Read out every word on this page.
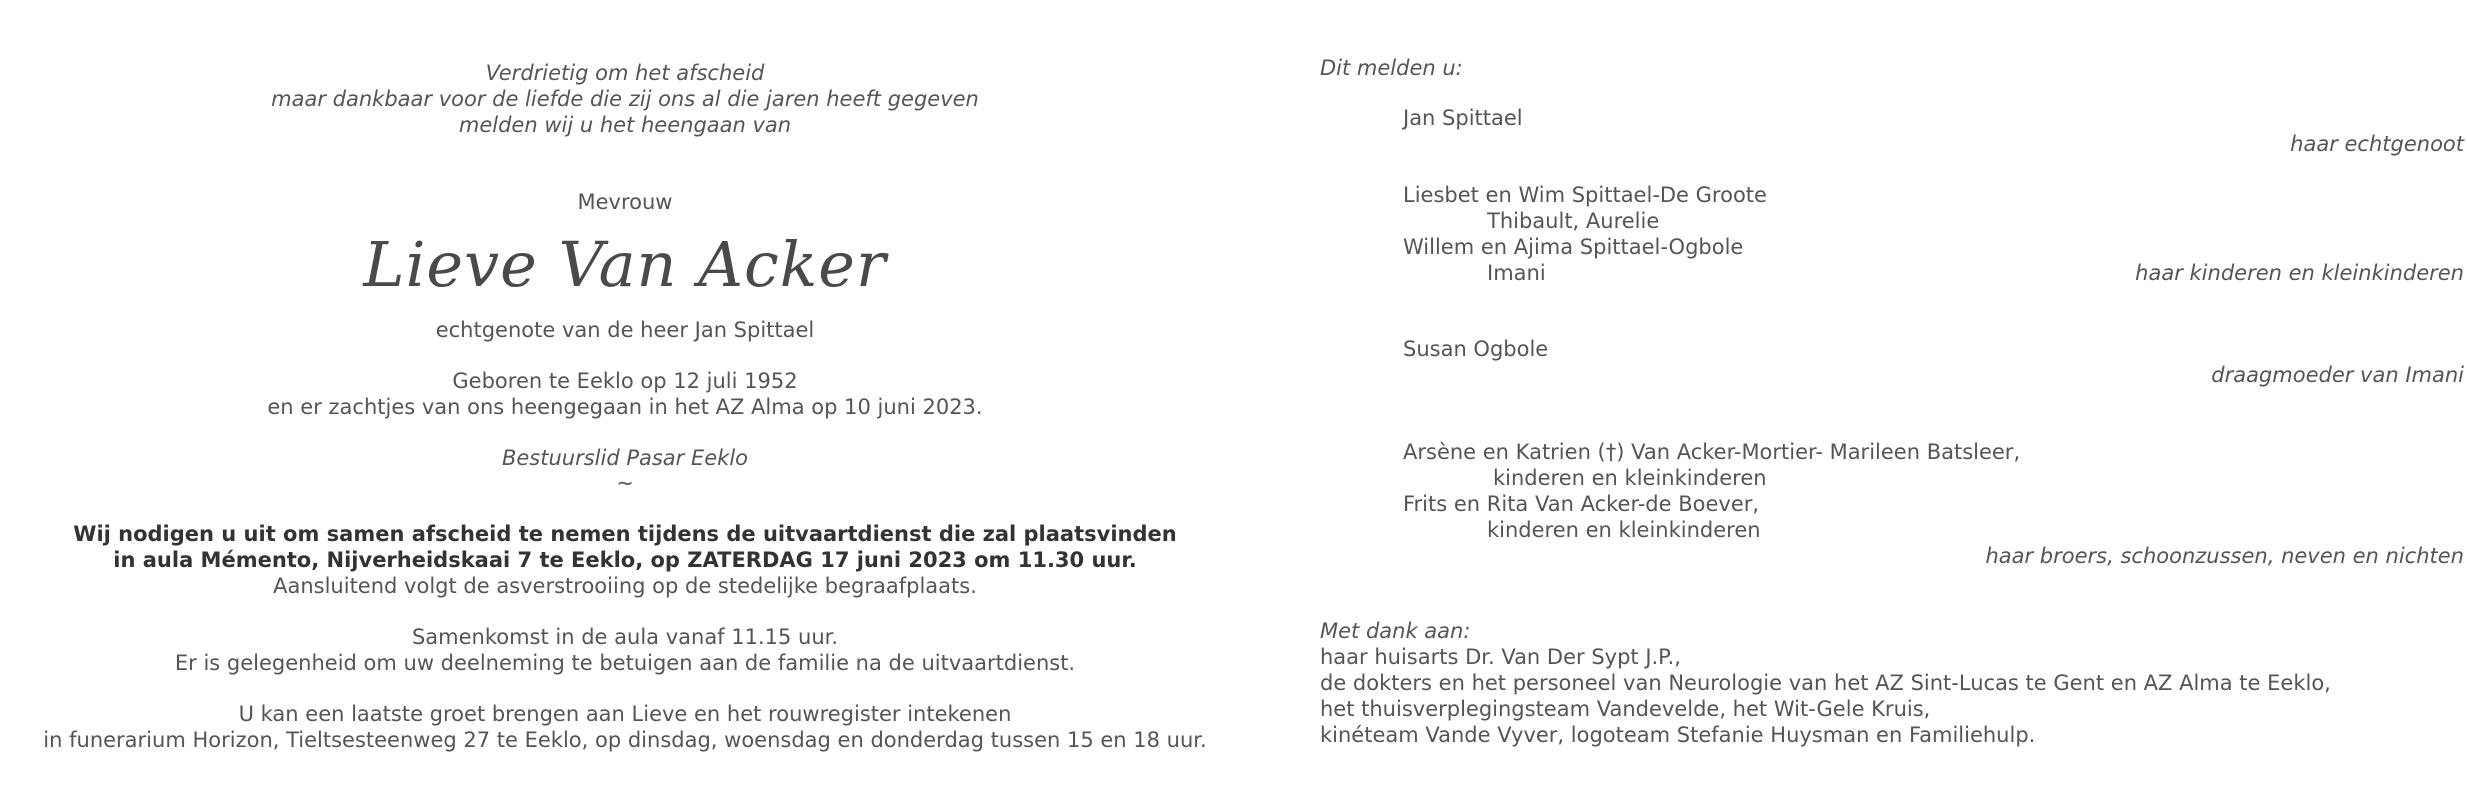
Verdrietig om het afscheid
maar dankbaar voor de liefde die zij ons al die jaren heeft gegeven
melden wij u het heengaan van
Mevrouw
Lieve Van Acker
echtgenote van de heer Jan Spittael
Geboren te Eeklo op 12 juli 1952
en er zachtjes van ons heengegaan in het AZ Alma op 10 juni 2023.
Bestuurslid Pasar Eeklo
~
Wij nodigen u uit om samen afscheid te nemen tijdens de uitvaartdienst die zal plaatsvinden
in aula Mémento, Nijverheidskaai 7 te Eeklo, op ZATERDAG 17 juni 2023 om 11.30 uur.
Aansluitend volgt de asverstrooiing op de stedelijke begraafplaats.
Samenkomst in de aula vanaf 11.15 uur.
Er is gelegenheid om uw deelneming te betuigen aan de familie na de uitvaartdienst.
U kan een laatste groet brengen aan Lieve en het rouwregister intekenen
in funerarium Horizon, Tieltsesteenweg 27 te Eeklo, op dinsdag, woensdag en donderdag tussen 15 en 18 uur.
Dit melden u:
Jan Spittael
haar echtgenoot
Liesbet en Wim Spittael-De Groote
Thibault, Aurelie
Willem en Ajima Spittael-Ogbole
Imani	haar kinderen en kleinkinderen
Susan Ogbole
draagmoeder van Imani
Arsène en Katrien (†) Van Acker-Mortier- Marileen Batsleer,
kinderen en kleinkinderen
Frits en Rita Van Acker-de Boever,
kinderen en kleinkinderen
haar broers, schoonzussen, neven en nichten
Met dank aan:
haar huisarts Dr. Van Der Sypt J.P.,
de dokters en het personeel van Neurologie van het AZ Sint-Lucas te Gent en AZ Alma te Eeklo,
het thuisverplegingsteam Vandevelde, het Wit-Gele Kruis,
kinéteam Vande Vyver, logoteam Stefanie Huysman en Familiehulp.
